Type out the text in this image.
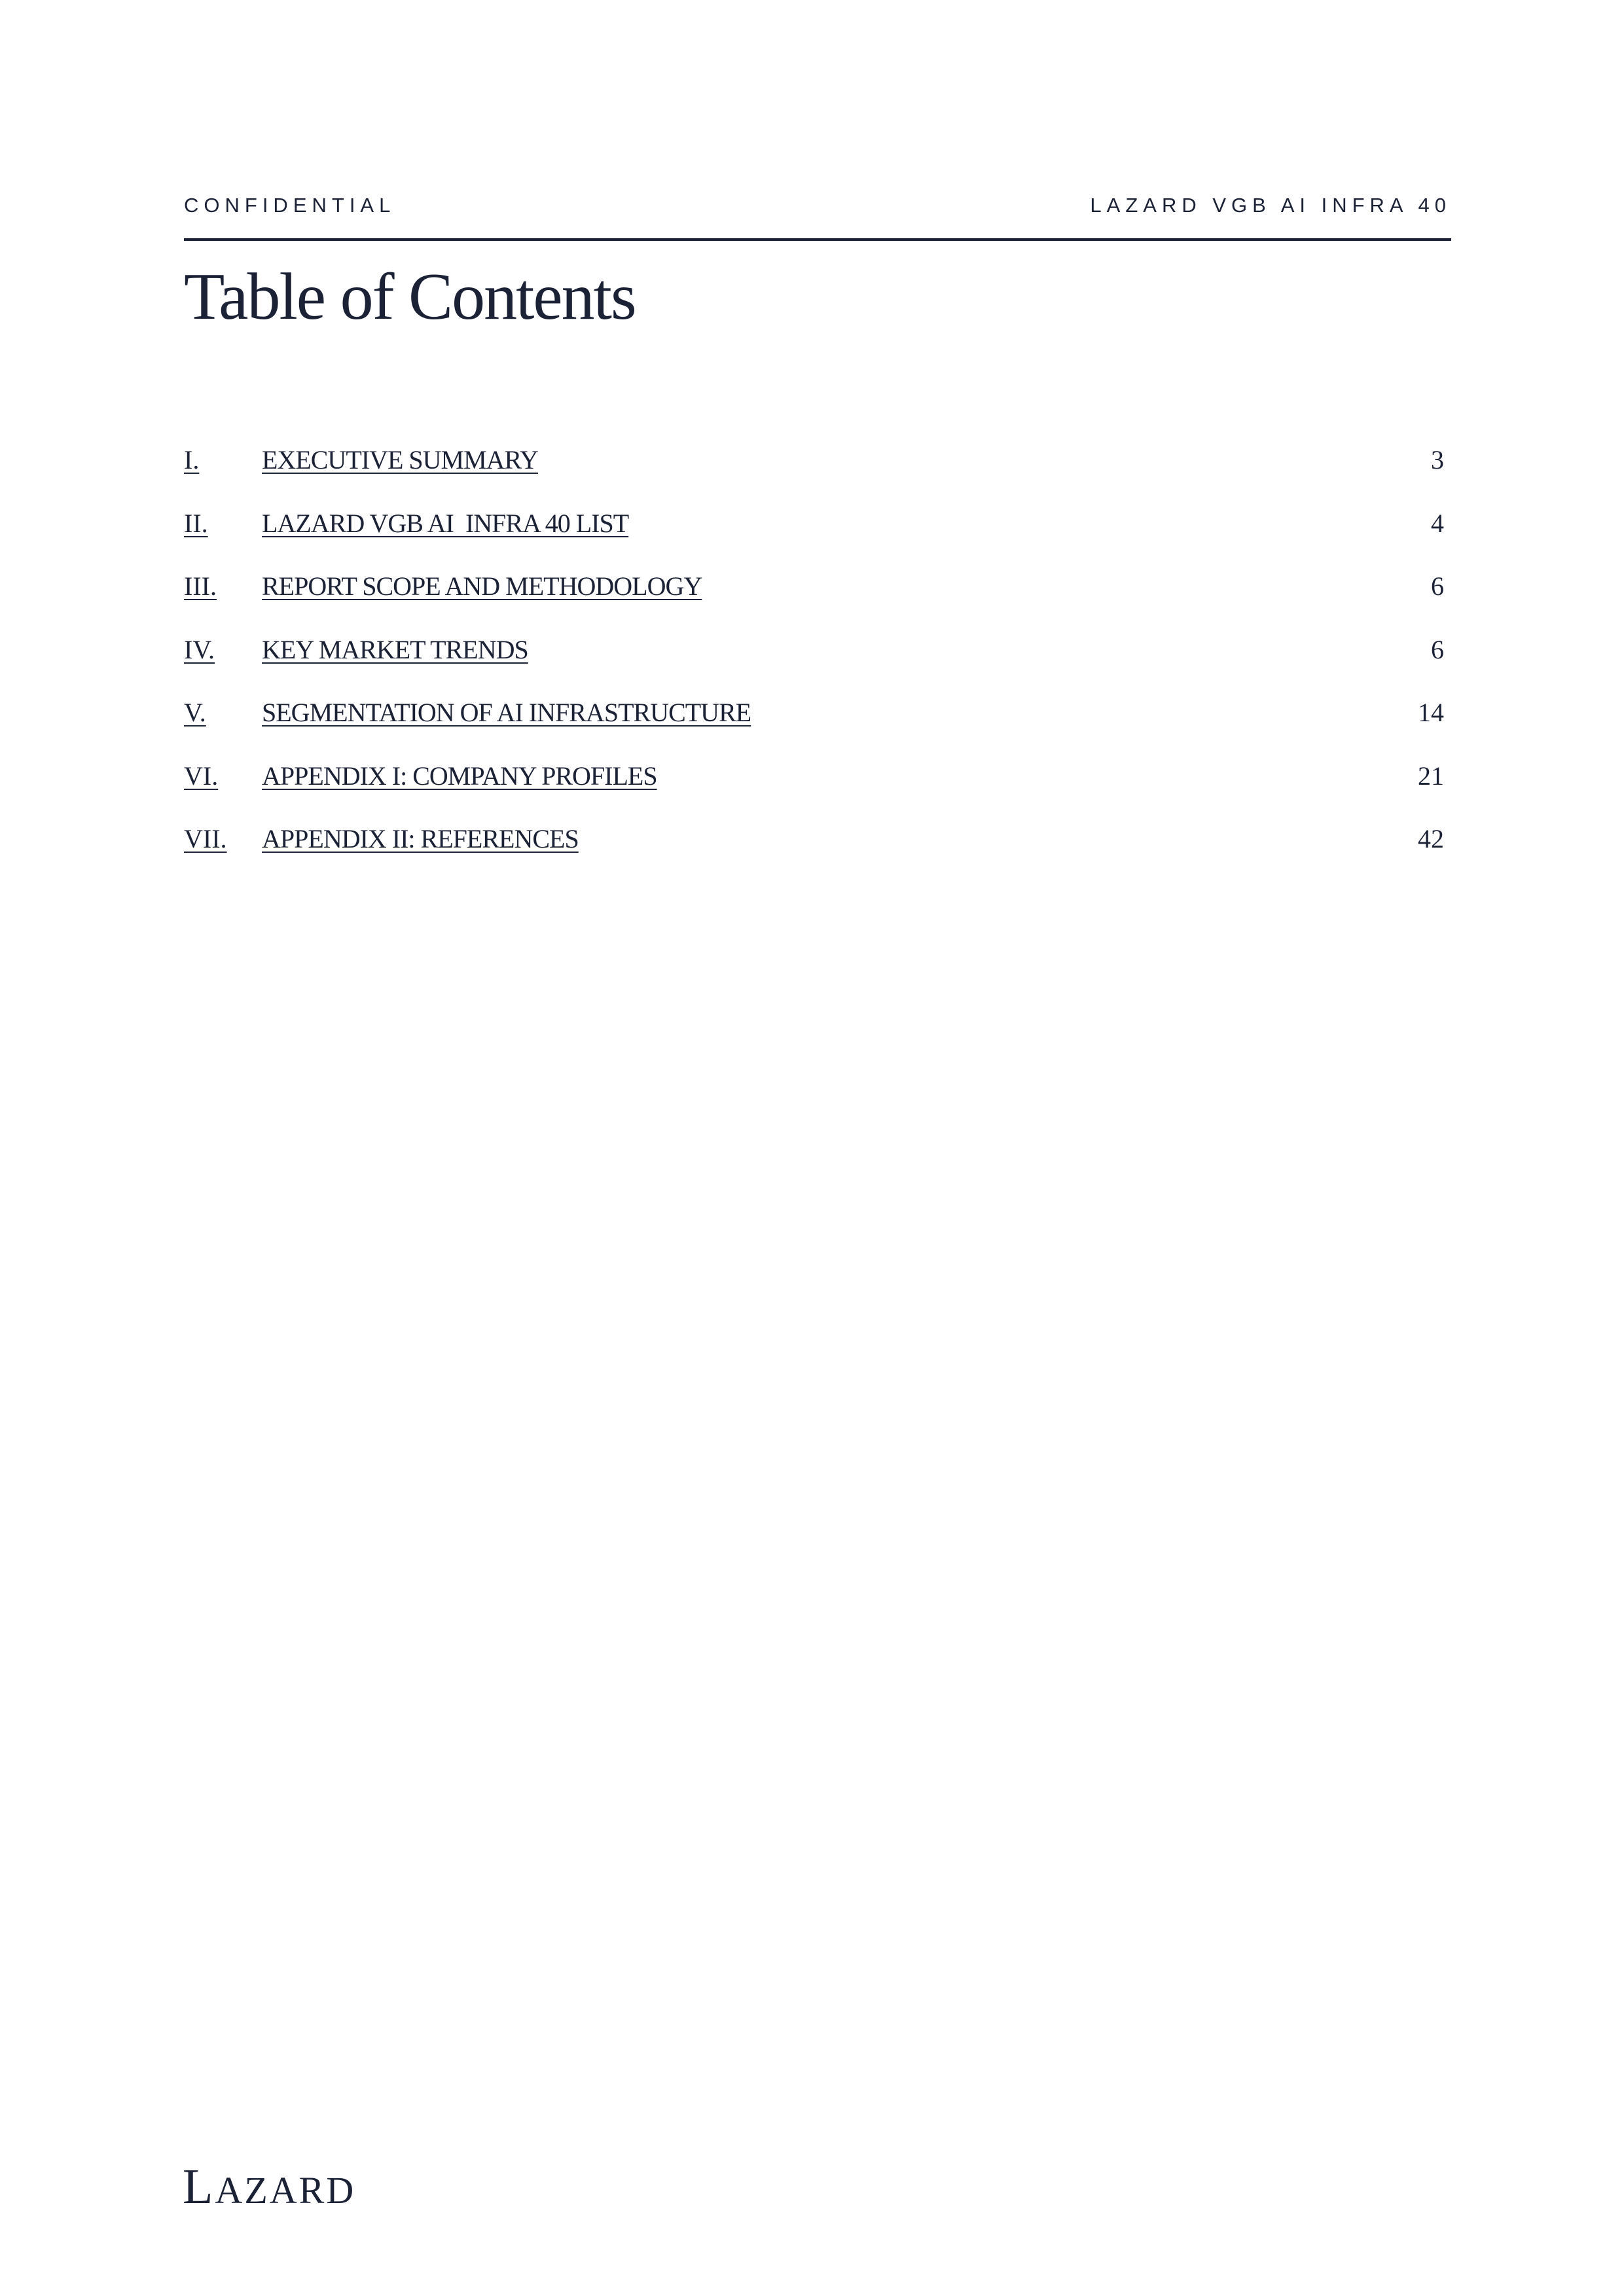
CONFIDENTIAL	LAZARD VGB AI INFRA 40
Table of Contents
I. EXECUTIVE SUMMARY	3
II. LAZARD VGB AI  INFRA 40 LIST	4
III. REPORT SCOPE AND METHODOLOGY	6
IV. KEY MARKET TRENDS	6
V. SEGMENTATION OF AI INFRASTRUCTURE	14
VI. APPENDIX I: COMPANY PROFILES	21
VII. APPENDIX II: REFERENCES	42
LAZARD
